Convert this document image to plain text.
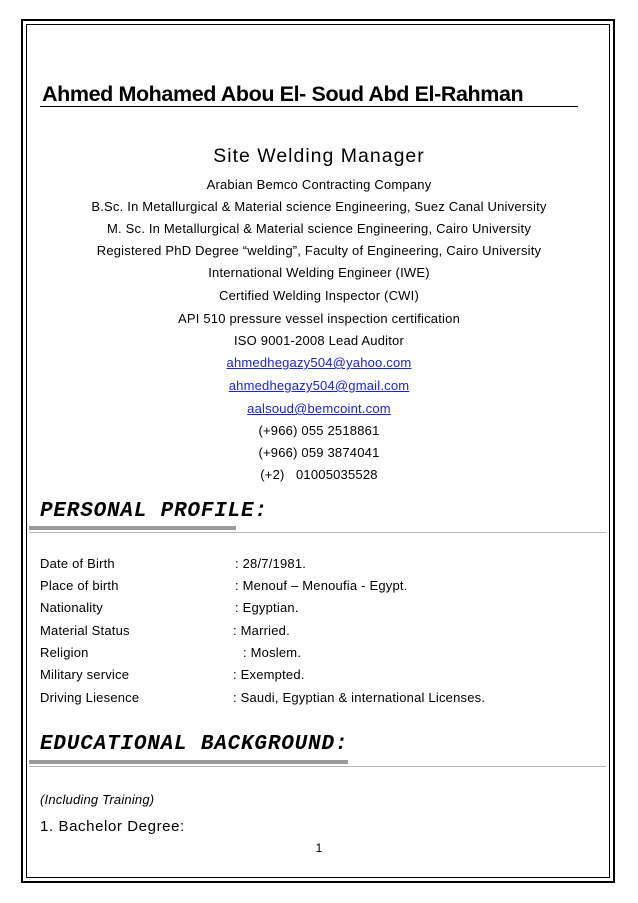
Ahmed Mohamed Abou El- Soud Abd El-Rahman
Site Welding Manager
Arabian Bemco Contracting Company
B.Sc. In Metallurgical & Material science Engineering, Suez Canal University
M. Sc. In Metallurgical & Material science Engineering, Cairo University
Registered PhD Degree “welding”, Faculty of Engineering, Cairo University
International Welding Engineer (IWE)
Certified Welding Inspector (CWI)
API 510 pressure vessel inspection certification
ISO 9001-2008 Lead Auditor
ahmedhegazy504@yahoo.com
ahmedhegazy504@gmail.com
aalsoud@bemcoint.com
(+966) 055 2518861
(+966) 059 3874041
(+2)   01005035528
PERSONAL PROFILE:
Date of Birth	: 28/7/1981.
Place of birth	: Menouf – Menoufia - Egypt.
Nationality	: Egyptian.
Material Status	: Married.
Religion	: Moslem.
Military service	: Exempted.
Driving Liesence	: Saudi, Egyptian & international Licenses.
EDUCATIONAL BACKGROUND:
(Including Training)
1. Bachelor Degree:
1
